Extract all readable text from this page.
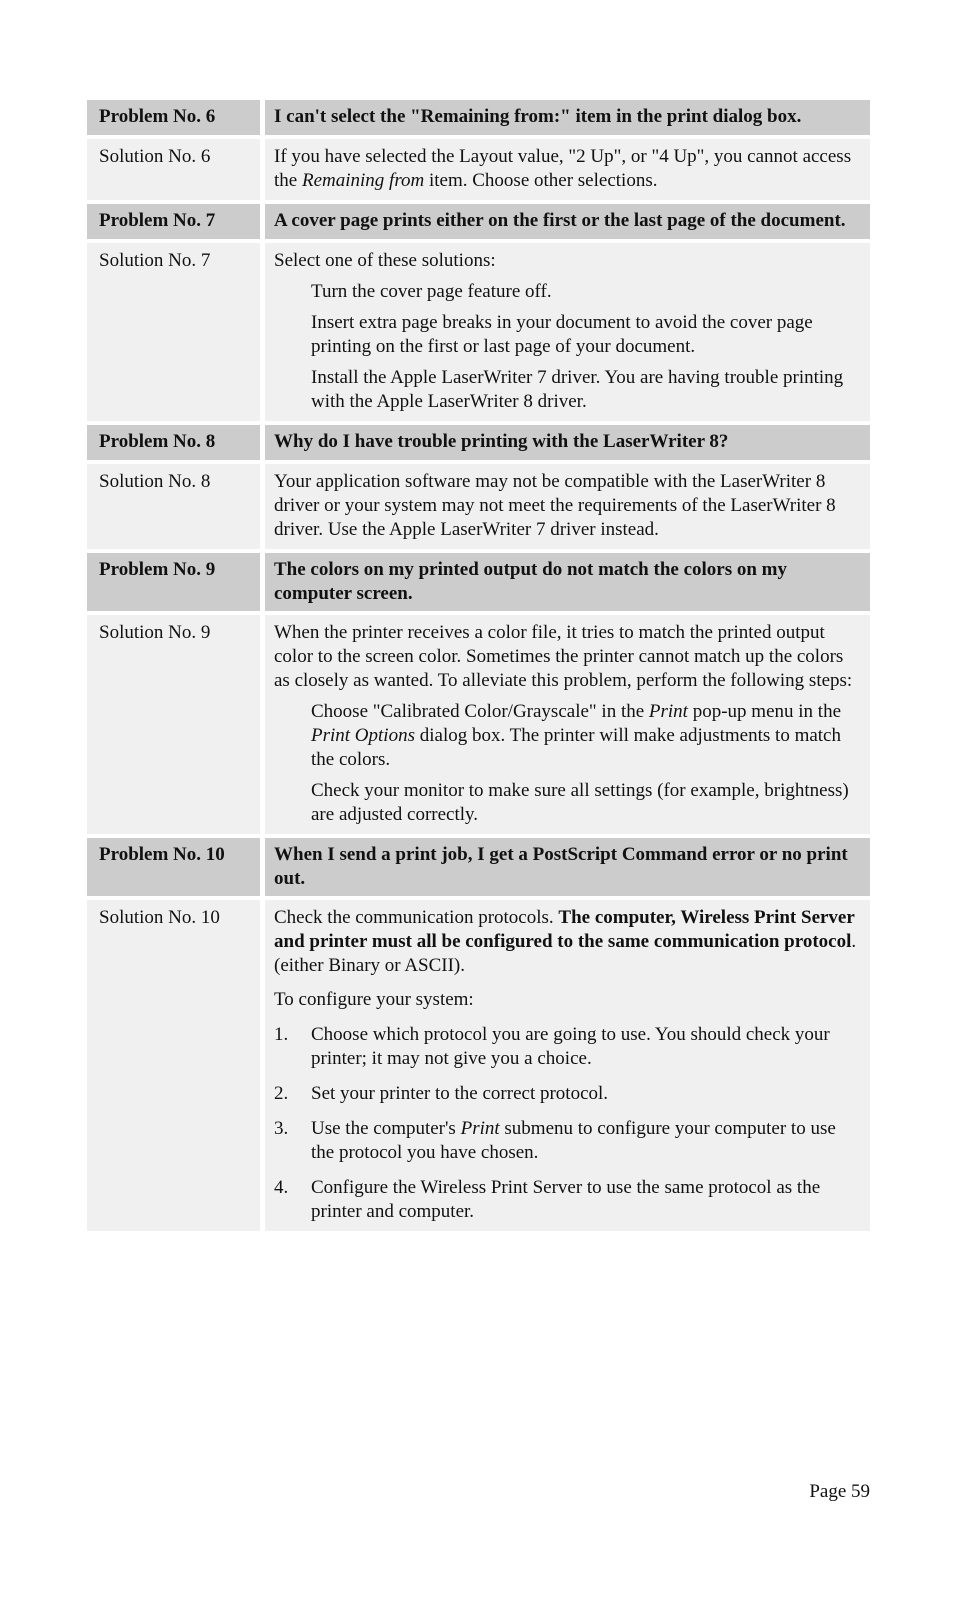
Problem No. 6	I can't select the "Remaining from:" item in the print dialog box.
Solution No. 6	If you have selected the Layout value, "2 Up", or "4 Up", you cannot access the Remaining from item. Choose other selections.
Problem No. 7	A cover page prints either on the first or the last page of the document.
Solution No. 7	Select one of these solutions:
Turn the cover page feature off.
Insert extra page breaks in your document to avoid the cover page printing on the first or last page of your document.
Install the Apple LaserWriter 7 driver. You are having trouble printing with the Apple LaserWriter 8 driver.
Problem No. 8	Why do I have trouble printing with the LaserWriter 8?
Solution No. 8	Your application software may not be compatible with the LaserWriter 8 driver or your system may not meet the requirements of the LaserWriter 8 driver. Use the Apple LaserWriter 7 driver instead.
Problem No. 9	The colors on my printed output do not match the colors on my computer screen.
Solution No. 9	When the printer receives a color file, it tries to match the printed output color to the screen color. Sometimes the printer cannot match up the colors as closely as wanted. To alleviate this problem, perform the following steps:
Choose "Calibrated Color/Grayscale" in the Print pop-up menu in the Print Options dialog box. The printer will make adjustments to match the colors.
Check your monitor to make sure all settings (for example, brightness) are adjusted correctly.
Problem No. 10	When I send a print job, I get a PostScript Command error or no print out.
Solution No. 10	Check the communication protocols. The computer, Wireless Print Server and printer must all be configured to the same communication protocol.(either Binary or ASCII).
To configure your system:
1.	Choose which protocol you are going to use. You should check your printer; it may not give you a choice.
2.	Set your printer to the correct protocol.
3.	Use the computer's Print submenu to configure your computer to use the protocol you have chosen.
4.	Configure the Wireless Print Server to use the same protocol as the printer and computer.
Page 59
